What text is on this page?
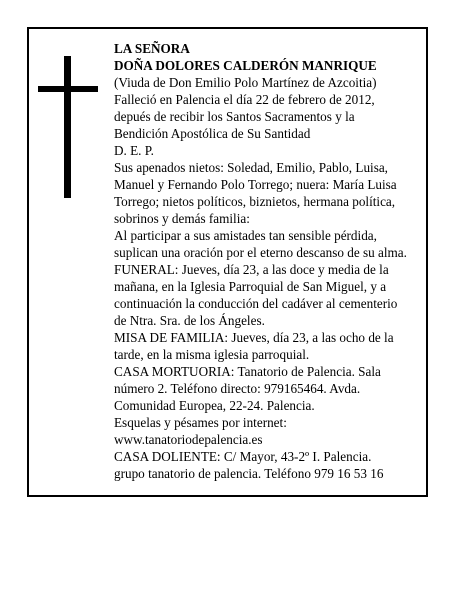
LA SEÑORA
DOÑA DOLORES CALDERÓN MANRIQUE
(Viuda de Don Emilio Polo Martínez de Azcoitia)
Falleció en Palencia el día 22 de febrero de 2012,
depués de recibir los Santos Sacramentos y la
Bendición Apostólica de Su Santidad
D. E. P.
Sus apenados nietos: Soledad, Emilio, Pablo, Luisa,
Manuel y Fernando Polo Torrego; nuera: María Luisa
Torrego; nietos políticos, biznietos, hermana política,
sobrinos y demás familia:
Al participar a sus amistades tan sensible pérdida,
suplican una oración por el eterno descanso de su alma.
FUNERAL: Jueves, día 23, a las doce y media de la
mañana, en la Iglesia Parroquial de San Miguel, y a
continuación la conducción del cadáver al cementerio
de Ntra. Sra. de los Ángeles.
MISA DE FAMILIA: Jueves, día 23, a las ocho de la
tarde, en la misma iglesia parroquial.
CASA MORTUORIA: Tanatorio de Palencia. Sala
número 2. Teléfono directo: 979165464. Avda.
Comunidad Europea, 22-24. Palencia.
Esquelas y pésames por internet:
www.tanatoriodepalencia.es
CASA DOLIENTE: C/ Mayor, 43-2º I. Palencia.
grupo tanatorio de palencia. Teléfono 979 16 53 16
